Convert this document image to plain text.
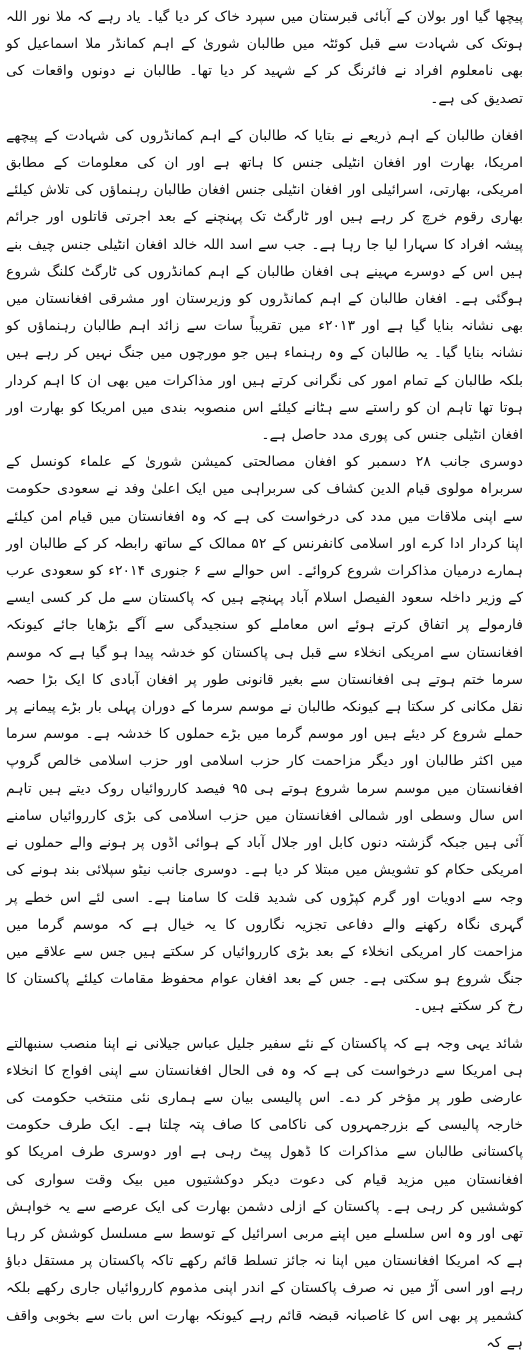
پیچھا گیا اور بولان کے آبائی قبرستان میں سپرد خاک کر دیا گیا۔ یاد رہے کہ ملا نور اللہ ہوتک کی شہادت سے قبل کوئٹہ میں طالبان شوریٰ کے اہم کمانڈر ملا اسماعیل کو بھی نامعلوم افراد نے فائرنگ کر کے شہید کر دیا تھا۔ طالبان نے دونوں واقعات کی تصدیق کی ہے۔

افغان طالبان کے اہم ذریعے نے بتایا کہ طالبان کے اہم کمانڈروں کی شہادت کے پیچھے امریکا، بھارت اور افغان انٹیلی جنس کا ہاتھ ہے اور ان کی معلومات کے مطابق امریکی، بھارتی، اسرائیلی اور افغان انٹیلی جنس افغان طالبان رہنماؤں کی تلاش کیلئے بھاری رقوم خرچ کر رہے ہیں اور ٹارگٹ تک پہنچنے کے بعد اجرتی قاتلوں اور جرائم پیشہ افراد کا سہارا لیا جا رہا ہے۔ جب سے اسد اللہ خالد افغان انٹیلی جنس چیف بنے ہیں اس کے دوسرے مہینے ہی افغان طالبان کے اہم کمانڈروں کی ٹارگٹ کلنگ شروع ہوگئی ہے۔ افغان طالبان کے اہم کمانڈروں کو وزیرستان اور مشرقی افغانستان میں بھی نشانہ بنایا گیا ہے اور ۲۰۱۳ء میں تقریباً سات سے زائد اہم طالبان رہنماؤں کو نشانہ بنایا گیا۔ یہ طالبان کے وہ رہنماء ہیں جو مورچوں میں جنگ نہیں کر رہے ہیں بلکہ طالبان کے تمام امور کی نگرانی کرتے ہیں اور مذاکرات میں بھی ان کا اہم کردار ہوتا تھا تاہم ان کو راستے سے ہٹانے کیلئے اس منصوبہ بندی میں امریکا کو بھارت اور افغان انٹیلی جنس کی پوری مدد حاصل ہے۔

دوسری جانب ۲۸ دسمبر کو افغان مصالحتی کمیشن شوریٰ کے علماء کونسل کے سربراہ مولوی قیام الدین کشاف کی سربراہی میں ایک اعلیٰ وفد نے سعودی حکومت سے اپنی ملاقات میں مدد کی درخواست کی ہے کہ وہ افغانستان میں قیام امن کیلئے اپنا کردار ادا کرے اور اسلامی کانفرنس کے ۵۲ ممالک کے ساتھ رابطہ کر کے طالبان اور ہمارے درمیان مذاکرات شروع کروائے۔ اس حوالے سے ۶ جنوری ۲۰۱۴ء کو سعودی عرب کے وزیر داخلہ سعود الفیصل اسلام آباد پہنچے ہیں کہ پاکستان سے مل کر کسی ایسے فارمولے پر اتفاق کرتے ہوئے اس معاملے کو سنجیدگی سے آگے بڑھایا جائے کیونکہ افغانستان سے امریکی انخلاء سے قبل ہی پاکستان کو خدشہ پیدا ہو گیا ہے کہ موسم سرما ختم ہوتے ہی افغانستان سے بغیر قانونی طور پر افغان آبادی کا ایک بڑا حصہ نقل مکانی کر سکتا ہے کیونکہ طالبان نے موسم سرما کے دوران پہلی بار بڑے پیمانے پر حملے شروع کر دیئے ہیں اور موسم گرما میں بڑے حملوں کا خدشہ ہے۔ موسم سرما میں اکثر طالبان اور دیگر مزاحمت کار حزب اسلامی اور حزب اسلامی خالص گروپ افغانستان میں موسم سرما شروع ہوتے ہی ۹۵ فیصد کارروائیاں روک دیتے ہیں تاہم اس سال وسطی اور شمالی افغانستان میں حزب اسلامی کی بڑی کارروائیاں سامنے آئی ہیں جبکہ گزشتہ دنوں کابل اور جلال آباد کے ہوائی اڈوں پر ہونے والے حملوں نے امریکی حکام کو تشویش میں مبتلا کر دیا ہے۔ دوسری جانب نیٹو سپلائی بند ہونے کی وجہ سے ادویات اور گرم کپڑوں کی شدید قلت کا سامنا ہے۔ اسی لئے اس خطے پر گہری نگاہ رکھنے والے دفاعی تجزیہ نگاروں کا یہ خیال ہے کہ موسم گرما میں مزاحمت کار امریکی انخلاء کے بعد بڑی کارروائیاں کر سکتے ہیں جس سے علاقے میں جنگ شروع ہو سکتی ہے۔ جس کے بعد افغان عوام محفوظ مقامات کیلئے پاکستان کا رخ کر سکتے ہیں۔

شائد یہی وجہ ہے کہ پاکستان کے نئے سفیر جلیل عباس جیلانی نے اپنا منصب سنبھالتے ہی امریکا سے درخواست کی ہے کہ وہ فی الحال افغانستان سے اپنی افواج کا انخلاء عارضی طور پر مؤخر کر دے۔ اس پالیسی بیان سے ہماری نئی منتخب حکومت کی خارجہ پالیسی کے بزرجمہروں کی ناکامی کا صاف پتہ چلتا ہے۔ ایک طرف حکومت پاکستانی طالبان سے مذاکرات کا ڈھول پیٹ رہی ہے اور دوسری طرف امریکا کو افغانستان میں مزید قیام کی دعوت دیکر دوکشتیوں میں بیک وقت سواری کی کوششیں کر رہی ہے۔ پاکستان کے ازلی دشمن بھارت کی ایک عرصے سے یہ خواہش تھی اور وہ اس سلسلے میں اپنے مربی اسرائیل کے توسط سے مسلسل کوشش کر رہا ہے کہ امریکا افغانستان میں اپنا نہ جائز تسلط قائم رکھے تاکہ پاکستان پر مستقل دباؤ رہے اور اسی آڑ میں نہ صرف پاکستان کے اندر اپنی مذموم کارروائیاں جاری رکھے بلکہ کشمیر پر بھی اس کا غاصبانہ قبضہ قائم رہے کیونکہ بھارت اس بات سے بخوبی واقف ہے کہ
